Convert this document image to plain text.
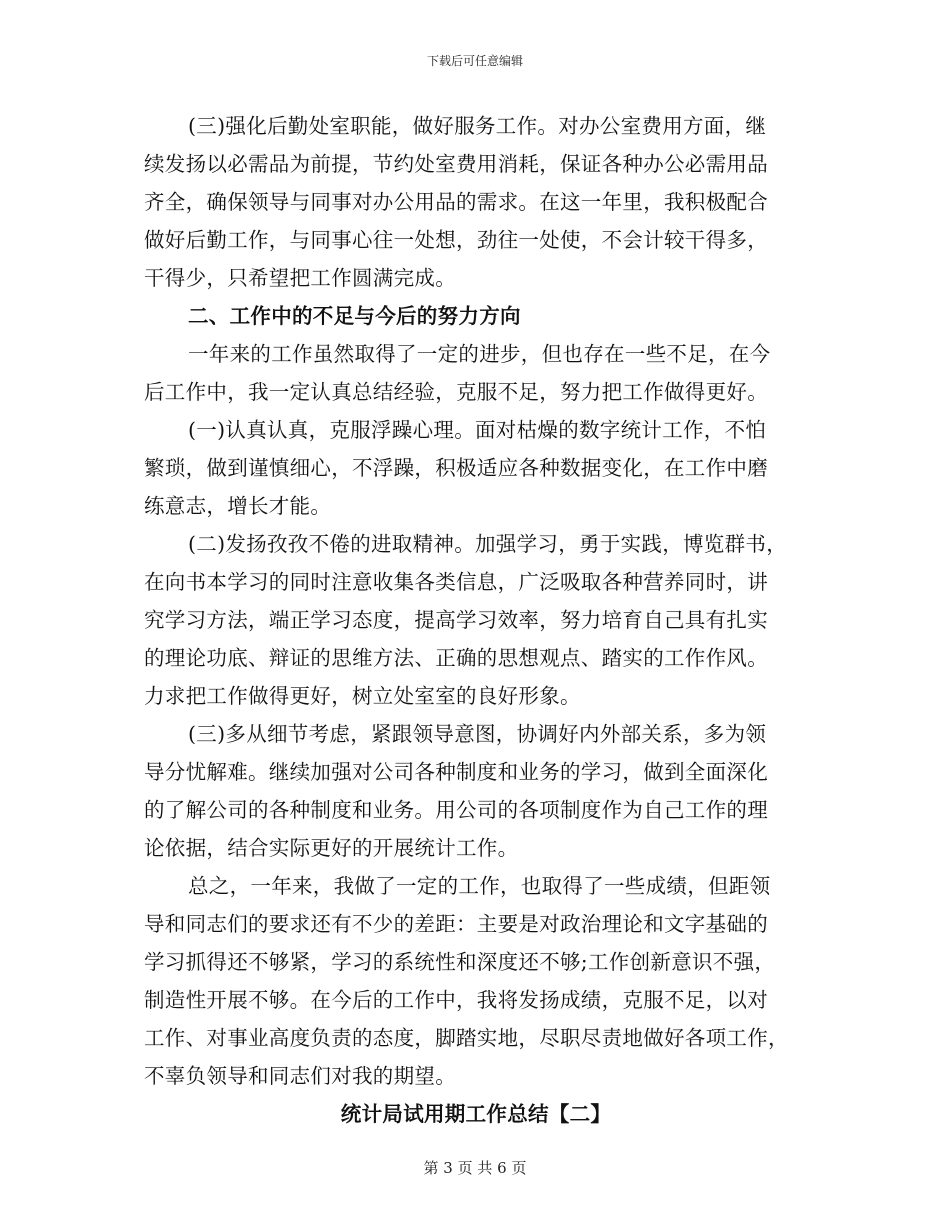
下载后可任意编辑
(三)强化后勤处室职能，做好服务工作。对办公室费用方面，继
续发扬以必需品为前提，节约处室费用消耗，保证各种办公必需用品
齐全，确保领导与同事对办公用品的需求。在这一年里，我积极配合
做好后勤工作，与同事心往一处想，劲往一处使，不会计较干得多，
干得少，只希望把工作圆满完成。
二、工作中的不足与今后的努力方向
一年来的工作虽然取得了一定的进步，但也存在一些不足，在今
后工作中，我一定认真总结经验，克服不足，努力把工作做得更好。
(一)认真认真，克服浮躁心理。面对枯燥的数字统计工作，不怕
繁琐，做到谨慎细心，不浮躁，积极适应各种数据变化，在工作中磨
练意志，增长才能。
(二)发扬孜孜不倦的进取精神。加强学习，勇于实践，博览群书，
在向书本学习的同时注意收集各类信息，广泛吸取各种营养同时，讲
究学习方法，端正学习态度，提高学习效率，努力培育自己具有扎实
的理论功底、辩证的思维方法、正确的思想观点、踏实的工作作风。
力求把工作做得更好，树立处室室的良好形象。
(三)多从细节考虑，紧跟领导意图，协调好内外部关系，多为领
导分忧解难。继续加强对公司各种制度和业务的学习，做到全面深化
的了解公司的各种制度和业务。用公司的各项制度作为自己工作的理
论依据，结合实际更好的开展统计工作。
总之，一年来，我做了一定的工作，也取得了一些成绩，但距领
导和同志们的要求还有不少的差距：主要是对政治理论和文字基础的
学习抓得还不够紧，学习的系统性和深度还不够;工作创新意识不强，
制造性开展不够。在今后的工作中，我将发扬成绩，克服不足，以对
工作、对事业高度负责的态度，脚踏实地，尽职尽责地做好各项工作，
不辜负领导和同志们对我的期望。
统计局试用期工作总结【二】
第 3 页 共 6 页
